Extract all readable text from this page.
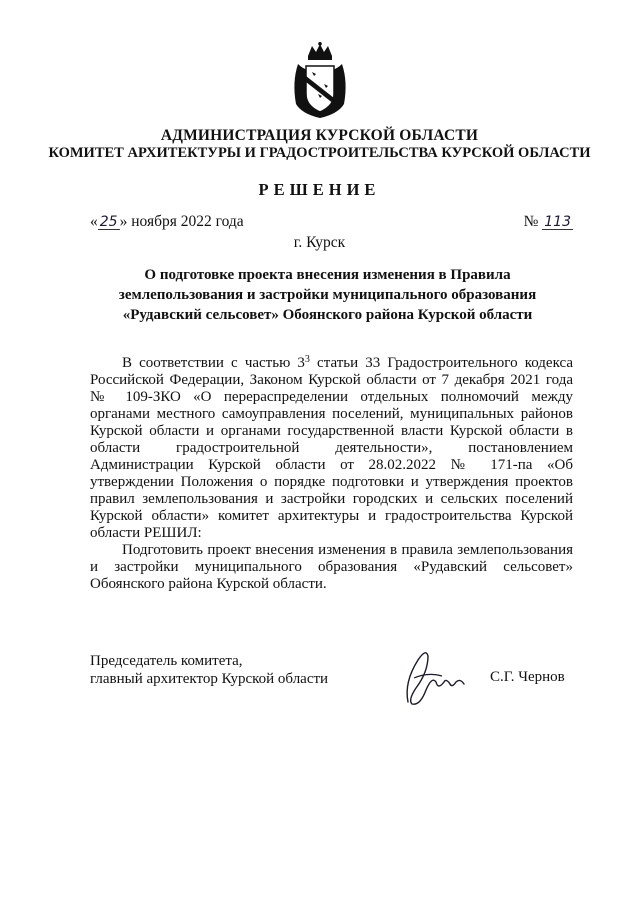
АДМИНИСТРАЦИЯ КУРСКОЙ ОБЛАСТИ
КОМИТЕТ АРХИТЕКТУРЫ И ГРАДОСТРОИТЕЛЬСТВА КУРСКОЙ ОБЛАСТИ
РЕШЕНИЕ
« 25 » ноября 2022 года	№ 113
г. Курск
О подготовке проекта внесения изменения в Правила
землепользования и застройки муниципального образования
«Рудавский сельсовет» Обоянского района Курской области

В соответствии с частью $3^3$ статьи 33 Градостроительного кодекса Российской Федерации, Законом Курской области от 7 декабря 2021 года № 109-ЗКО «О перераспределении отдельных полномочий между органами местного самоуправления поселений, муниципальных районов Курской области и органами государственной власти Курской области в области градостроительной деятельности», постановлением Администрации Курской области от 28.02.2022 № 171-па «Об утверждении Положения о порядке подготовки и утверждения проектов правил землепользования и застройки городских и сельских поселений Курской области» комитет архитектуры и градостроительства Курской области РЕШИЛ:

Подготовить проект внесения изменения в правила землепользования и застройки муниципального образования «Рудавский сельсовет» Обоянского района Курской области.

Председатель комитета,
главный архитектор Курской области	С.Г. Чернов
